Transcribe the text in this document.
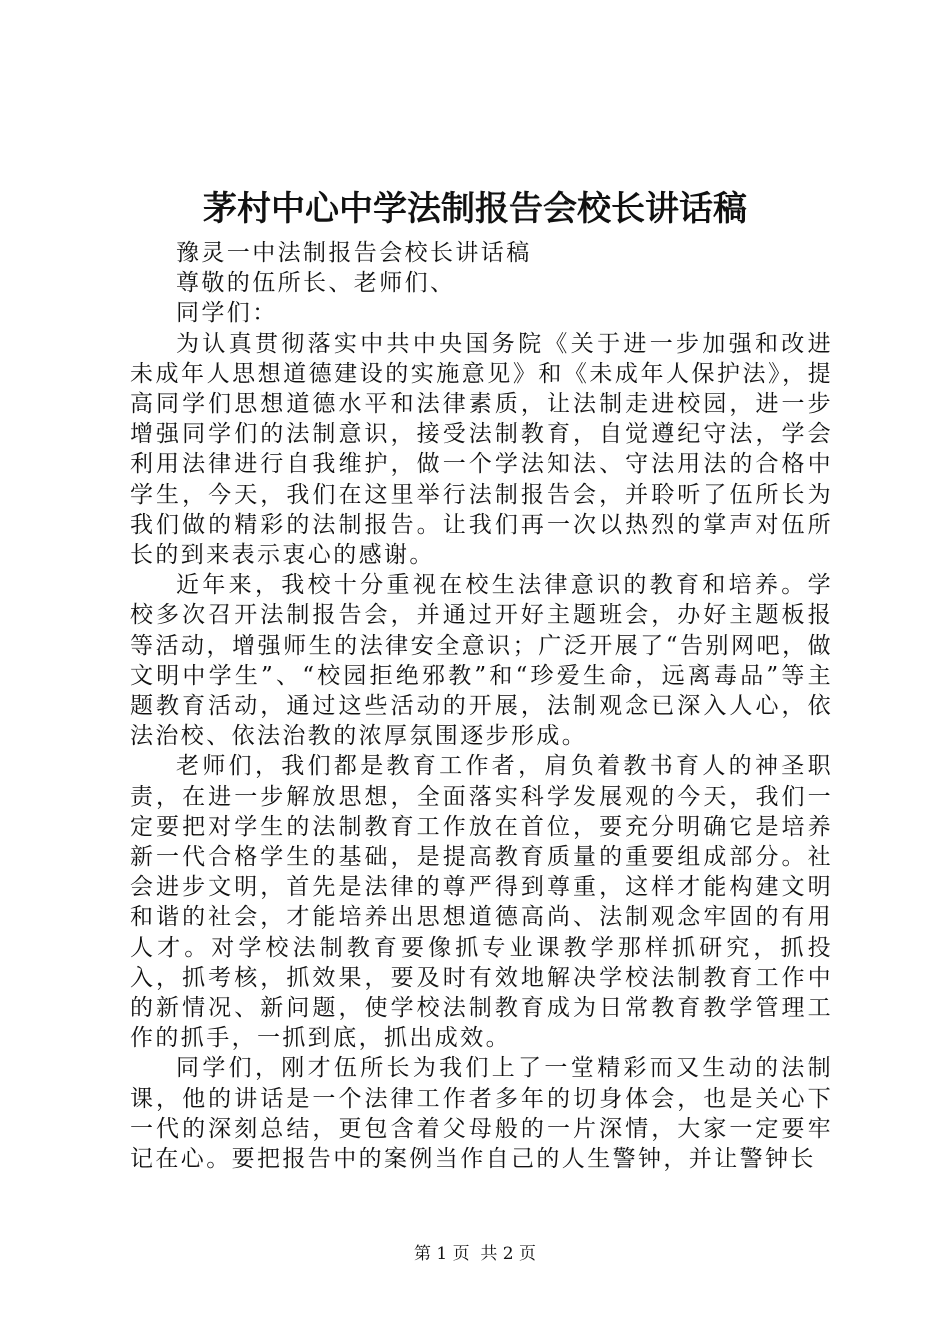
茅村中心中学法制报告会校长讲话稿

豫灵一中法制报告会校长讲话稿

尊敬的伍所长、老师们、

同学们：

为认真贯彻落实中共中央国务院《关于进一步加强和改进未成年人思想道德建设的实施意见》和《未成年人保护法》，提高同学们思想道德水平和法律素质，让法制走进校园，进一步增强同学们的法制意识，接受法制教育，自觉遵纪守法，学会利用法律进行自我维护，做一个学法知法、守法用法的合格中学生，今天，我们在这里举行法制报告会，并聆听了伍所长为我们做的精彩的法制报告。让我们再一次以热烈的掌声对伍所长的到来表示衷心的感谢。

近年来，我校十分重视在校生法律意识的教育和培养。学校多次召开法制报告会，并通过开好主题班会，办好主题板报等活动，增强师生的法律安全意识；广泛开展了“告别网吧，做文明中学生”、“校园拒绝邪教”和“珍爱生命，远离毒品”等主题教育活动，通过这些活动的开展，法制观念已深入人心，依法治校、依法治教的浓厚氛围逐步形成。

老师们，我们都是教育工作者，肩负着教书育人的神圣职责，在进一步解放思想，全面落实科学发展观的今天，我们一定要把对学生的法制教育工作放在首位，要充分明确它是培养新一代合格学生的基础，是提高教育质量的重要组成部分。社会进步文明，首先是法律的尊严得到尊重，这样才能构建文明和谐的社会，才能培养出思想道德高尚、法制观念牢固的有用人才。对学校法制教育要像抓专业课教学那样抓研究，抓投入，抓考核，抓效果，要及时有效地解决学校法制教育工作中的新情况、新问题，使学校法制教育成为日常教育教学管理工作的抓手，一抓到底，抓出成效。

同学们，刚才伍所长为我们上了一堂精彩而又生动的法制课，他的讲话是一个法律工作者多年的切身体会，也是关心下一代的深刻总结，更包含着父母般的一片深情，大家一定要牢记在心。要把报告中的案例当作自己的人生警钟，并让警钟长

第 1 页  共 2 页
